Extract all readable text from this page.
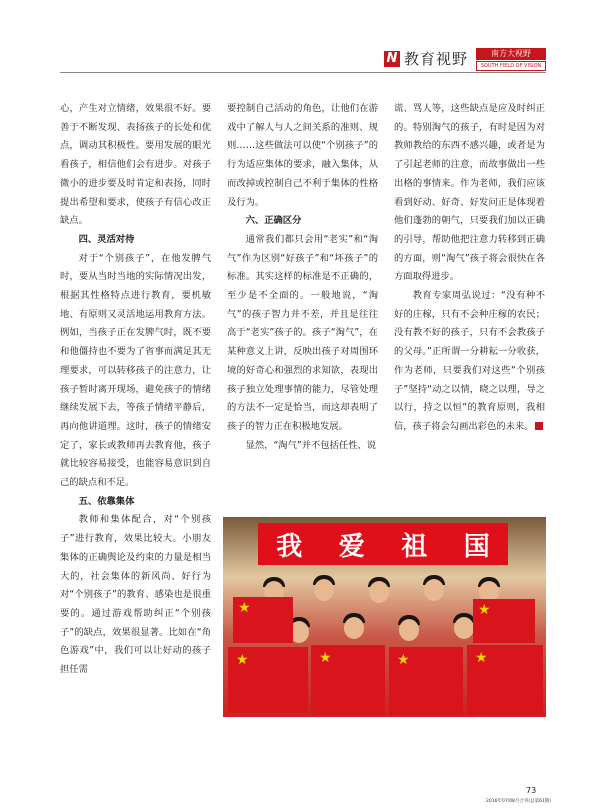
N 教育视野	南方大视野
SOUTH FIELD OF VISION

心，产生对立情绪，效果很不好。要善于不断发现、表扬孩子的长处和优点，调动其积极性。要用发展的眼光看孩子，相信他们会有进步。对孩子微小的进步要及时肯定和表扬，同时提出希望和要求，使孩子有信心改正缺点。

四、灵活对待

对于“个别孩子”，在他发脾气时，要从当时当地的实际情况出发，根据其性格特点进行教育，要机敏地、有原则又灵活地运用教育方法。例如，当孩子正在发脾气时，既不要和他僵持也不要为了省事而满足其无理要求，可以转移孩子的注意力，让孩子暂时离开现场，避免孩子的情绪继续发展下去，等孩子情绪平静后，再向他讲道理。这时，孩子的情绪安定了，家长或教师再去教育他，孩子就比较容易接受，也能容易意识到自己的缺点和不足。

五、依靠集体

教师和集体配合，对“个别孩子”进行教育，效果比较大。小朋友集体的正确舆论及约束的力量是相当大的，社会集体的新风尚、好行为对“个别孩子”的教育、感染也是很重要的。通过游戏帮助纠正“个别孩子”的缺点，效果很显著。比如在“角色游戏”中，我们可以让好动的孩子担任需

要控制自己活动的角色，让他们在游戏中了解人与人之间关系的准则、规则……这些做法可以使“个别孩子”的行为适应集体的要求，融入集体，从而改掉或控制自己不利于集体的性格及行为。

六、正确区分

通常我们都只会用“老实”和“淘气”作为区别“好孩子”和“坏孩子”的标准。其实这样的标准是不正确的，至少是不全面的。一般地说，“淘气”的孩子智力并不差，并且是往往高于“老实”孩子的。孩子“淘气”，在某种意义上讲，反映出孩子对周围环境的好奇心和强烈的求知欲，表现出孩子独立处理事情的能力，尽管处理的方法不一定是恰当，而这却表明了孩子的智力正在积极地发展。

显然，“淘气”并不包括任性、说

谎、骂人等，这些缺点是应及时纠正的。特别淘气的孩子，有时是因为对教师教给的东西不感兴趣，或者是为了引起老师的注意，而故事做出一些出格的事情来。作为老师，我们应该看到好动、好奇、好发问正是体现着他们蓬勃的朝气，只要我们加以正确的引导，帮助他把注意力转移到正确的方面，则“淘气”孩子将会很快在各方面取得进步。

教育专家周弘说过：“没有种不好的庄稼，只有不会种庄稼的农民；没有教不好的孩子，只有不会教孩子的父母。”正所谓一分耕耘一分收获，作为老师，只要我们对这些“个别孩子”坚持“动之以情，晓之以理，导之以行，持之以恒”的教育原则，我相信，孩子将会勾画出彩色的未来。	N

我 爱 祖 国
★	★
★	★	★	★
73
2016年07/08月合刊(总第61期)
